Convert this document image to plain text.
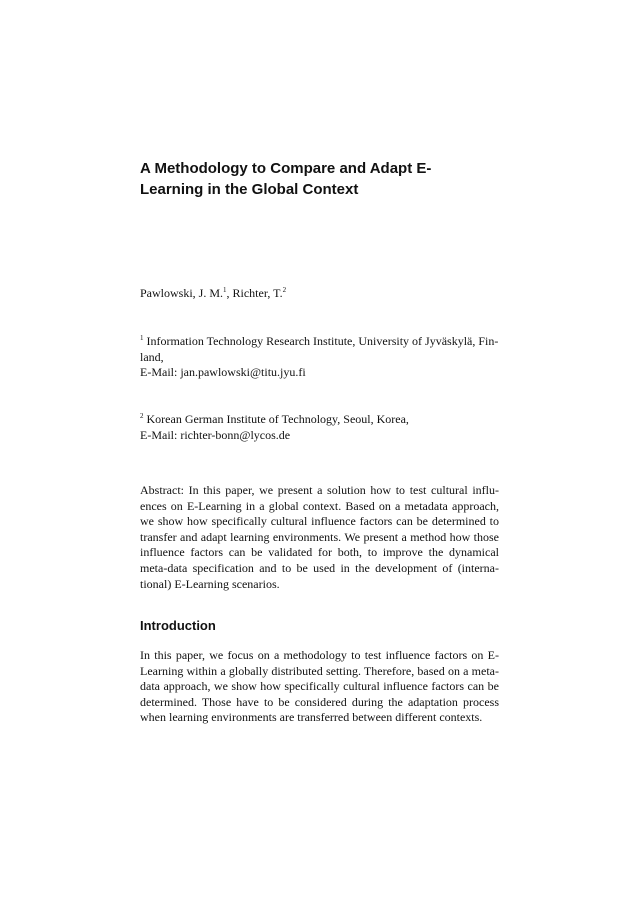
A Methodology to Compare and Adapt E-
Learning in the Global Context
Pawlowski, J. M.$^1$, Richter, T.$^2$
$^1$ Information Technology Research Institute, University of Jyväskylä, Fin-
land,
E-Mail: jan.pawlowski@titu.jyu.fi
$^2$ Korean German Institute of Technology, Seoul, Korea,
E-Mail: richter-bonn@lycos.de
Abstract: In this paper, we present a solution how to test cultural influ-
ences on E-Learning in a global context. Based on a metadata approach,
we show how specifically cultural influence factors can be determined to
transfer and adapt learning environments. We present a method how those
influence factors can be validated for both, to improve the dynamical
meta-data specification and to be used in the development of (interna-
tional) E-Learning scenarios.
Introduction
In this paper, we focus on a methodology to test influence factors on E-
Learning within a globally distributed setting. Therefore, based on a meta-
data approach, we show how specifically cultural influence factors can be
determined. Those have to be considered during the adaptation process
when learning environments are transferred between different contexts.
